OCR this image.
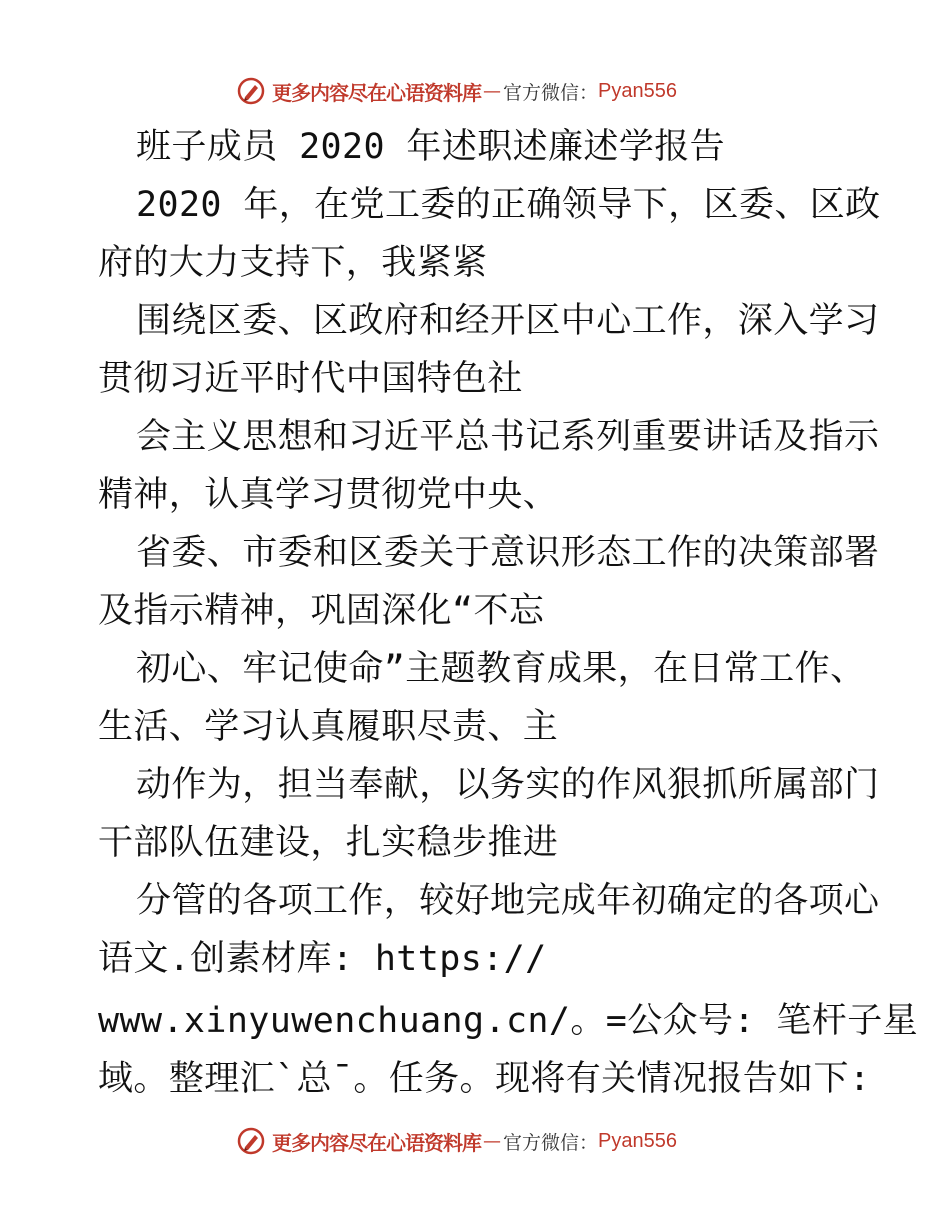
更多内容尽在心语资料库 — 官方微信： Pyan556
班子成员 2020 年述职述廉述学报告
2020 年，在党工委的正确领导下，区委、区政
府的大力支持下，我紧紧
围绕区委、区政府和经开区中心工作，深入学习
贯彻习近平时代中国特色社
会主义思想和习近平总书记系列重要讲话及指示
精神，认真学习贯彻党中央、
省委、市委和区委关于意识形态工作的决策部署
及指示精神，巩固深化“不忘
初心、牢记使命”主题教育成果，在日常工作、
生活、学习认真履职尽责、主
动作为，担当奉献，以务实的作风狠抓所属部门
干部队伍建设，扎实稳步推进
分管的各项工作，较好地完成年初确定的各项心
语文.创素材库: https://
www.xinyuwenchuang.cn/。=公众号: 笔杆子星
域。整理汇`总¯。任务。现将有关情况报告如下:
更多内容尽在心语资料库 — 官方微信： Pyan556
